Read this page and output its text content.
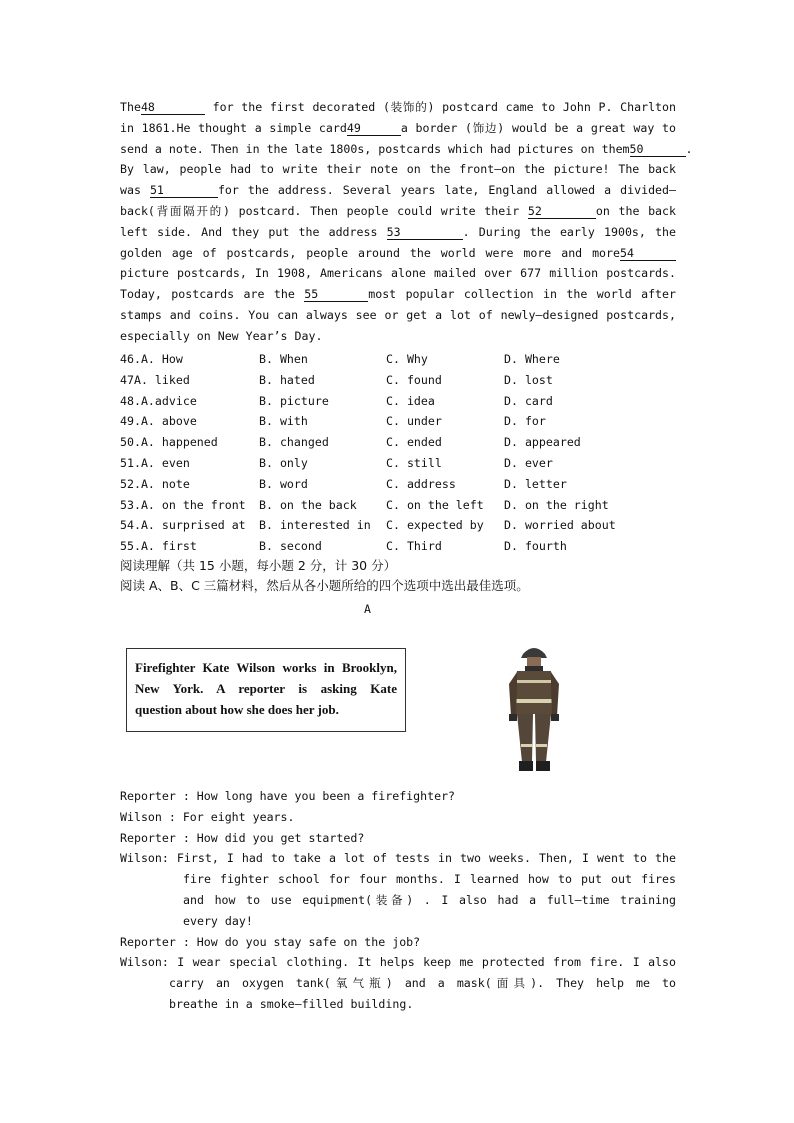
The48	for the first decorated (装饰的) postcard came to John P. Charlton
in 1861.He thought a simple card49	a border (饰边) would be a great way to
send a note. Then in the late 1800s, postcards which had pictures on them50	.
By law, people had to write their note on the front—on the picture! The back
was 51	for the address. Several years late, England allowed a divided—
back(背面隔开的) postcard. Then people could write their 52	on the back
left side. And they put the address 53	. During the early 1900s, the
golden age of postcards, people around the world were more and more54
picture postcards, In 1908, Americans alone mailed over 677 million postcards.
Today, postcards are the 55	most popular collection in the world after
stamps and coins. You can always see or get a lot of newly—designed postcards,
especially on New Year’s Day.
46.A. How	B. When	C. Why	D. Where
47A. liked	B. hated	C. found	D. lost
48.A.advice	B. picture	C. idea	D. card
49.A. above	B. with	C. under	D. for
50.A. happened	B. changed	C. ended	D. appeared
51.A. even	B. only	C. still	D. ever
52.A. note	B. word	C. address	D. letter
53.A. on the front	B. on the back	C. on the left	D. on the right
54.A. surprised at	B. interested in	C. expected by	D. worried about
55.A. first	B. second	C. Third	D. fourth
阅读理解（共 15 小题，每小题 2 分，计 30 分）
阅读 A、B、C 三篇材料，然后从各小题所给的四个选项中选出最佳选项。
A
Firefighter Kate Wilson works in Brooklyn,
New York. A reporter is asking Kate
question about how she does her job.
Reporter : How long have you been a firefighter?
Wilson : For eight years.
Reporter : How did you get started?
Wilson: First, I had to take a lot of tests in two weeks. Then, I went to the
fire fighter school for four months. I learned how to put out fires
and how to use equipment(装备) . I also had a full—time training
every day!
Reporter : How do you stay safe on the job?
Wilson: I wear special clothing. It helps keep me protected from fire. I also
carry an oxygen tank(氧气瓶) and a mask(面具). They help me to
breathe in a smoke—filled building.
